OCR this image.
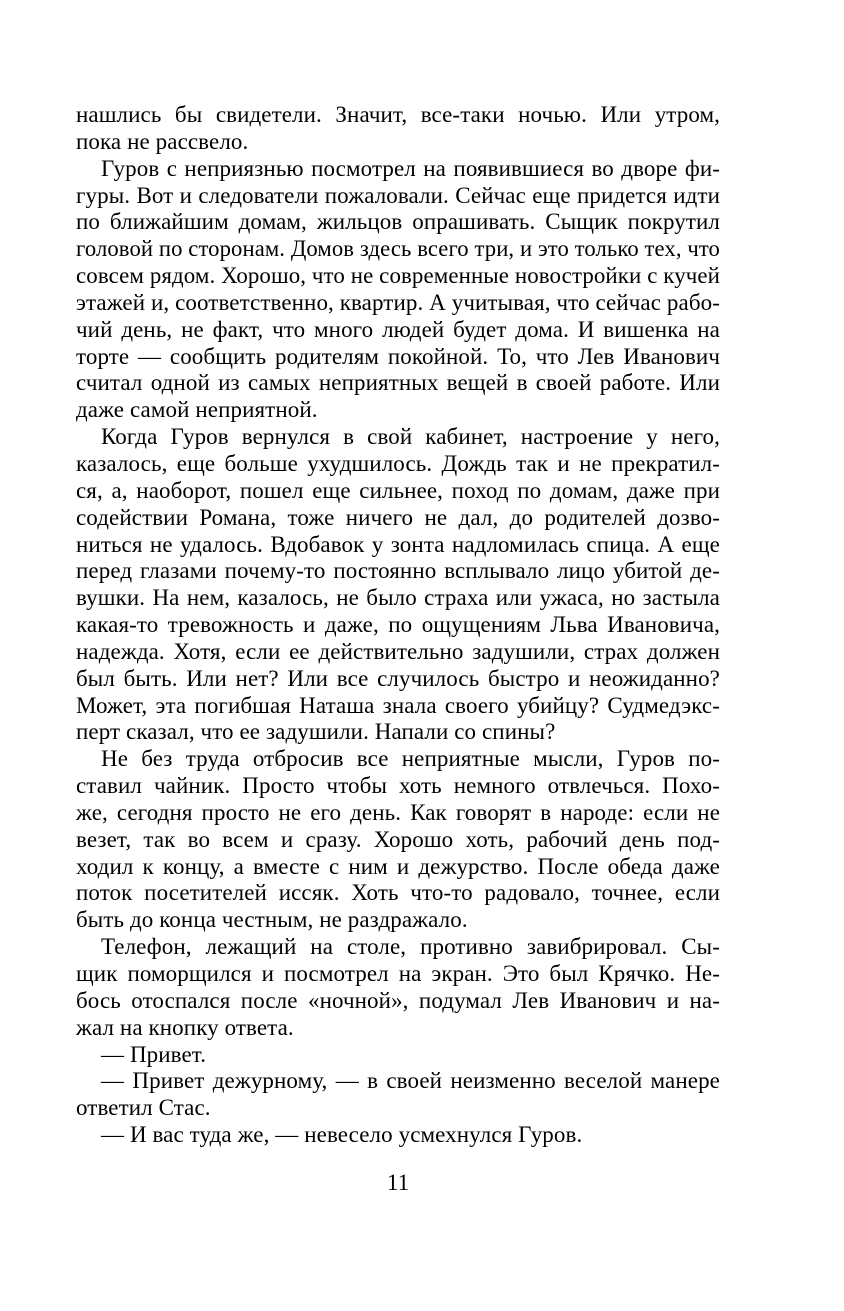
нашлись бы свидетели. Значит, все-таки ночью. Или утром,
пока не рассвело.
Гуров с неприязнью посмотрел на появившиеся во дворе фи-
гуры. Вот и следователи пожаловали. Сейчас еще придется идти
по ближайшим домам, жильцов опрашивать. Сыщик покрутил
головой по сторонам. Домов здесь всего три, и это только тех, что
совсем рядом. Хорошо, что не современные новостройки с кучей
этажей и, соответственно, квартир. А учитывая, что сейчас рабо-
чий день, не факт, что много людей будет дома. И вишенка на
торте — сообщить родителям покойной. То, что Лев Иванович
считал одной из самых неприятных вещей в своей работе. Или
даже самой неприятной.
Когда Гуров вернулся в свой кабинет, настроение у него,
казалось, еще больше ухудшилось. Дождь так и не прекратил-
ся, а, наоборот, пошел еще сильнее, поход по домам, даже при
содействии Романа, тоже ничего не дал, до родителей дозво-
ниться не удалось. Вдобавок у зонта надломилась спица. А еще
перед глазами почему-то постоянно всплывало лицо убитой де-
вушки. На нем, казалось, не было страха или ужаса, но застыла
какая-то тревожность и даже, по ощущениям Льва Ивановича,
надежда. Хотя, если ее действительно задушили, страх должен
был быть. Или нет? Или все случилось быстро и неожиданно?
Может, эта погибшая Наташа знала своего убийцу? Судмедэкс-
перт сказал, что ее задушили. Напали со спины?
Не без труда отбросив все неприятные мысли, Гуров по-
ставил чайник. Просто чтобы хоть немного отвлечься. Похо-
же, сегодня просто не его день. Как говорят в народе: если не
везет, так во всем и сразу. Хорошо хоть, рабочий день под-
ходил к концу, а вместе с ним и дежурство. После обеда даже
поток посетителей иссяк. Хоть что-то радовало, точнее, если
быть до конца честным, не раздражало.
Телефон, лежащий на столе, противно завибрировал. Сы-
щик поморщился и посмотрел на экран. Это был Крячко. Не-
бось отоспался после «ночной», подумал Лев Иванович и на-
жал на кнопку ответа.
— Привет.
— Привет дежурному, — в своей неизменно веселой манере
ответил Стас.
— И вас туда же, — невесело усмехнулся Гуров.
11
